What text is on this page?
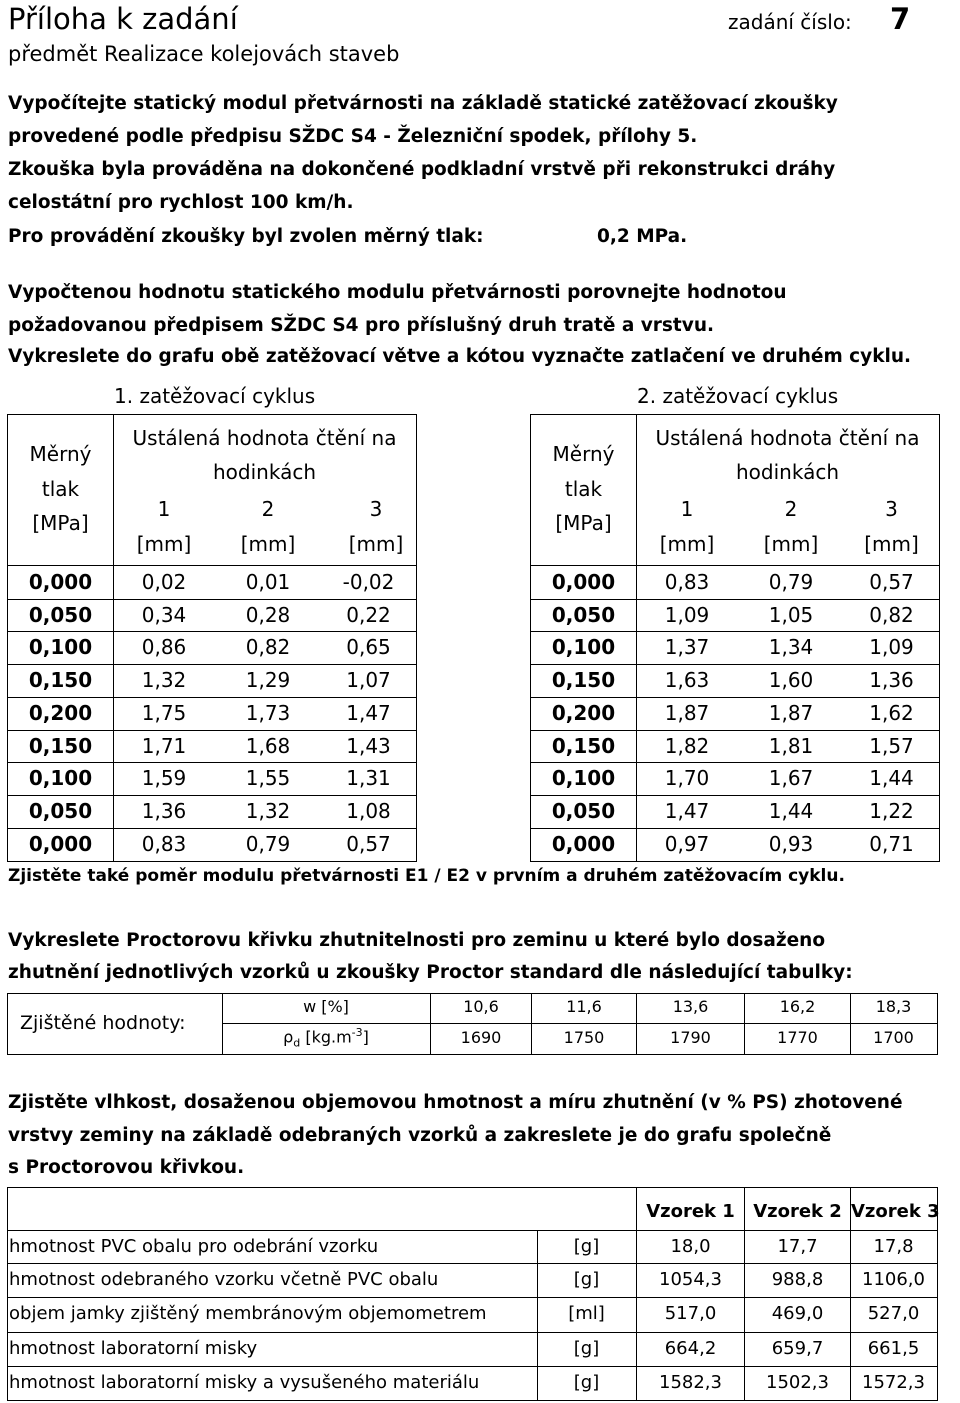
Příloha k zadání
předmět Realizace kolejovách staveb
zadání číslo: 7
Vypočítejte statický modul přetvárnosti na základě statické zatěžovací zkoušky
provedené podle předpisu SŽDC S4 - Železniční spodek, přílohy 5.
Zkouška byla prováděna na dokončené podkladní vrstvě při rekonstrukci dráhy
celostátní pro rychlost 100 km/h.
Pro provádění zkoušky byl zvolen měrný tlak:	0,2 MPa.
Vypočtenou hodnotu statického modulu přetvárnosti porovnejte hodnotou
požadovanou předpisem SŽDC S4 pro příslušný druh tratě a vrstvu.
Vykreslete do grafu obě zatěžovací větve a kótou vyznačte zatlačení ve druhém cyklu.
1. zatěžovací cyklus	2. zatěžovací cyklus
Měrný
tlak
[MPa]
Ustálená hodnota čtění na
hodinkách
1	2	3
[mm]	[mm]	[mm]
Měrný
tlak
[MPa]
Ustálená hodnota čtění na
hodinkách
1	2	3
[mm]	[mm]	[mm]
0,000	0,02	0,01	-0,02
0,050	0,34	0,28	0,22
0,100	0,86	0,82	0,65
0,150	1,32	1,29	1,07
0,200	1,75	1,73	1,47
0,150	1,71	1,68	1,43
0,100	1,59	1,55	1,31
0,050	1,36	1,32	1,08
0,000	0,83	0,79	0,57
0,000	0,83	0,79	0,57
0,050	1,09	1,05	0,82
0,100	1,37	1,34	1,09
0,150	1,63	1,60	1,36
0,200	1,87	1,87	1,62
0,150	1,82	1,81	1,57
0,100	1,70	1,67	1,44
0,050	1,47	1,44	1,22
0,000	0,97	0,93	0,71
Zjistěte také poměr modulu přetvárnosti E1 / E2 v prvním a druhém zatěžovacím cyklu.
Vykreslete Proctorovu křivku zhutnitelnosti pro zeminu u které bylo dosaženo
zhutnění jednotlivých vzorků u zkoušky Proctor standard dle následující tabulky:
Zjištěné hodnoty:
w [%]
$\rho_d$ $[kg.m^{-3}]$
10,6	11,6	13,6	16,2	18,3
1690	1750	1790	1770	1700
Zjistěte vlhkost, dosaženou objemovou hmotnost a míru zhutnění (v % PS) zhotovené
vrstvy zeminy na základě odebraných vzorků a zakreslete je do grafu společně
s Proctorovou křivkou.
Vzorek 1	Vzorek 2 Vzorek 3
hmotnost PVC obalu pro odebrání vzorku	[g]	18,0	17,7	17,8
hmotnost odebraného vzorku včetně PVC obalu	[g]	1054,3	988,8	1106,0
objem jamky zjištěný membránovým objemometrem	[ml]	517,0	469,0	527,0
hmotnost laboratorní misky	[g]	664,2	659,7	661,5
hmotnost laboratorní misky a vysušeného materiálu	[g]	1582,3	1502,3	1572,3
